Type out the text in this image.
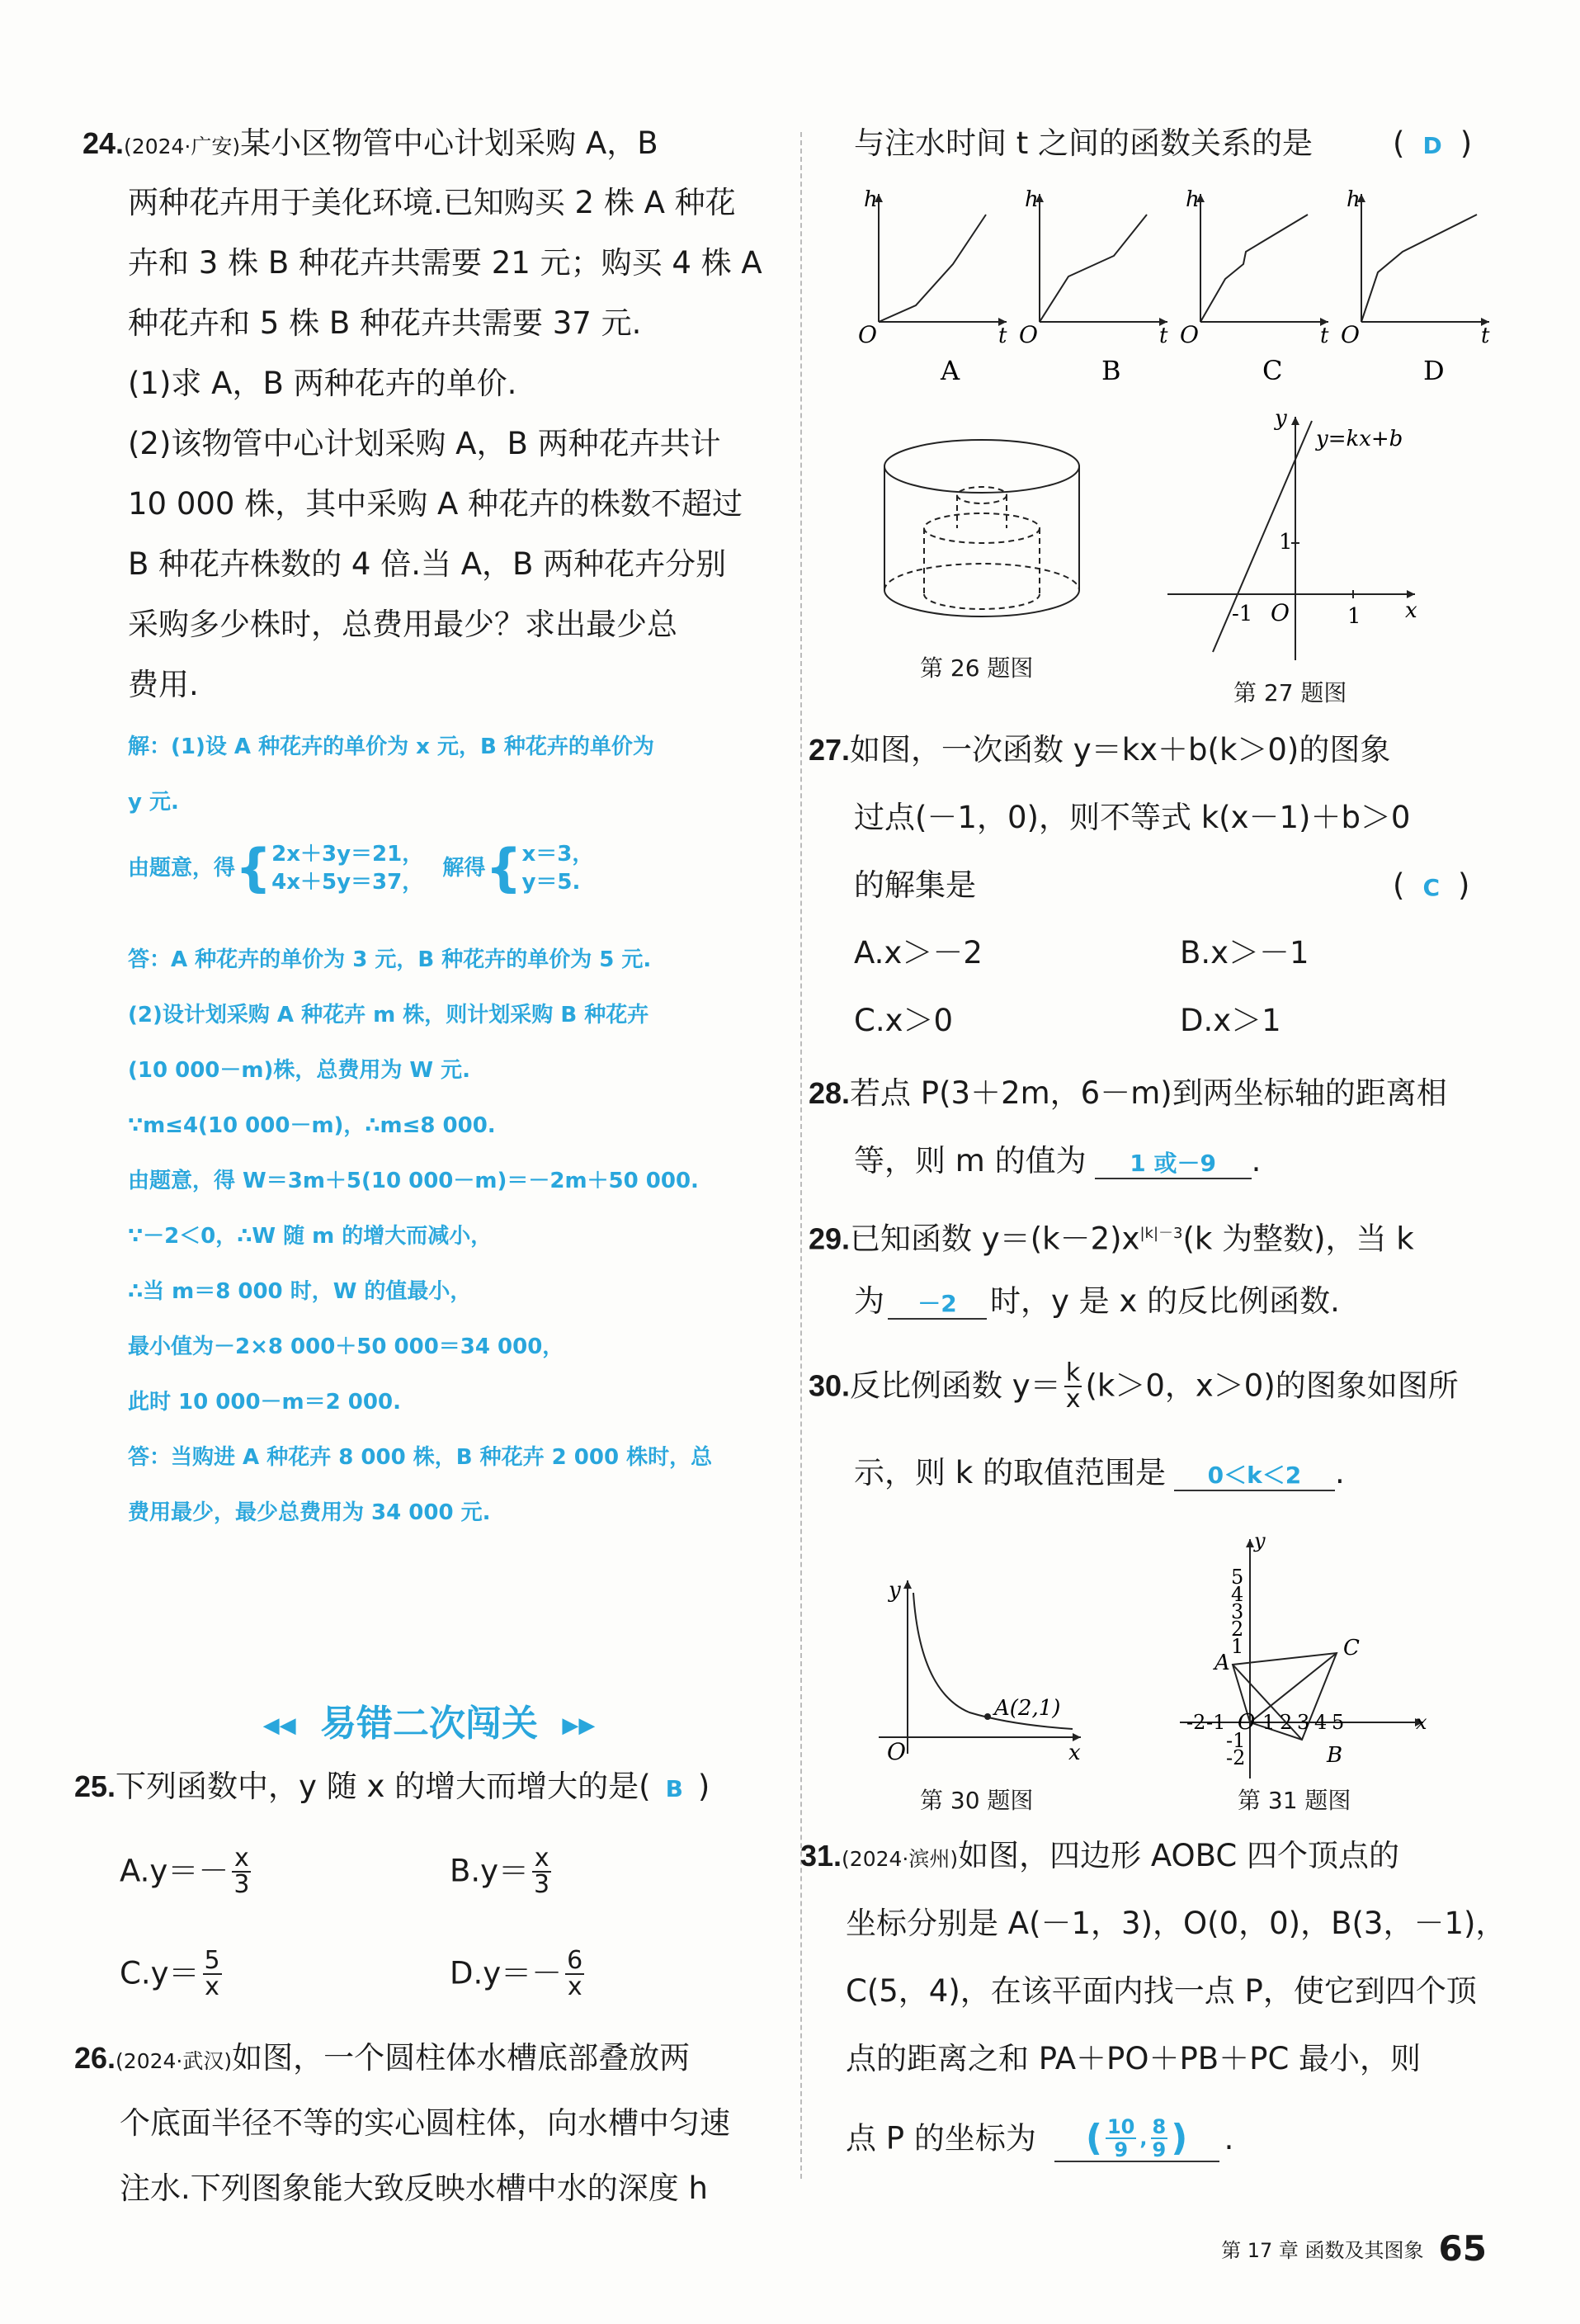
24.(2024·广安)某小区物管中心计划采购 A，B
两种花卉用于美化环境.已知购买 2 株 A 种花
卉和 3 株 B 种花卉共需要 21 元；购买 4 株 A
种花卉和 5 株 B 种花卉共需要 37 元.
(1)求 A，B 两种花卉的单价.
(2)该物管中心计划采购 A，B 两种花卉共计
10 000 株，其中采购 A 种花卉的株数不超过
B 种花卉株数的 4 倍.当 A，B 两种花卉分别
采购多少株时，总费用最少？求出最少总
费用.
解：(1)设 A 种花卉的单价为 x 元，B 种花卉的单价为
y 元.
由题意，得{2x＋3y＝21，
4x＋5y＝37， 解得{x＝3，
y＝5.
答：A 种花卉的单价为 3 元，B 种花卉的单价为 5 元.
(2)设计划采购 A 种花卉 m 株，则计划采购 B 种花卉
(10 000－m)株，总费用为 W 元.
∵m≤4(10 000－m)，∴m≤8 000.
由题意，得 W＝3m＋5(10 000－m)＝－2m＋50 000.
∵－2＜0，∴W 随 m 的增大而减小，
∴当 m＝8 000 时，W 的值最小，
最小值为－2×8 000＋50 000＝34 000，
此时 10 000－m＝2 000.
答：当购进 A 种花卉 8 000 株，B 种花卉 2 000 株时，总
费用最少，最少总费用为 34 000 元.
◀◀ 易错二次闯关 ▶▶
25.下列函数中，y 随 x 的增大而增大的是( B )
$A.y=- \frac{x}{3}$	$B.y= \frac{x}{3}$
$C.y= \frac{5}{x}$	$D.y=- \frac{6}{x}$
26.(2024·武汉)如图，一个圆柱体水槽底部叠放两
个底面半径不等的实心圆柱体，向水槽中匀速
注水.下列图象能大致反映水槽中水的深度 h
与注水时间 t 之间的函数关系的是	( D )
h
t
O
A
h
t
O
B
h
t
O
C
h
t
O
D
第 26 题图
y
y=kx+b
1
-1 O	1 x
第 27 题图
27.如图，一次函数 y＝kx＋b(k＞0)的图象
过点(－1，0)，则不等式 k(x－1)＋b＞0
的解集是	( C )
A.x＞－2	B.x＞－1
C.x＞0	D.x＞1
28.若点 P(3＋2m，6－m)到两坐标轴的距离相
等，则 m 的值为 1 或－9 .
29.已知函数 $y=(k-2)x^{|k|-3}(k$ 为整数)，当 k
为 －2 时，y 是 x 的反比例函数.
30.反比例函数 $y= \frac{k}{x} (k>0$，x＞0)的图象如图所
示，则 k 的取值范围是 0＜k＜2 .
y
O	x
A(2,1)
第 30 题图
y
x
5
4
3
2
1
-1
-2
-2 -1 O 1 2 3 4 5
A
B
C
第 31 题图
31.(2024·滨州)如图，四边形 AOBC 四个顶点的
坐标分别是 A(－1，3)，O(0，0)，B(3，－1)，
C(5，4)，在该平面内找一点 P，使它到四个顶
点的距离之和 PA＋PO＋PB＋PC 最小，则
点 P 的坐标为 ( $\frac{10}{9}$ , $\frac{8}{9}$ ) .
第 17 章 函数及其图象 65
